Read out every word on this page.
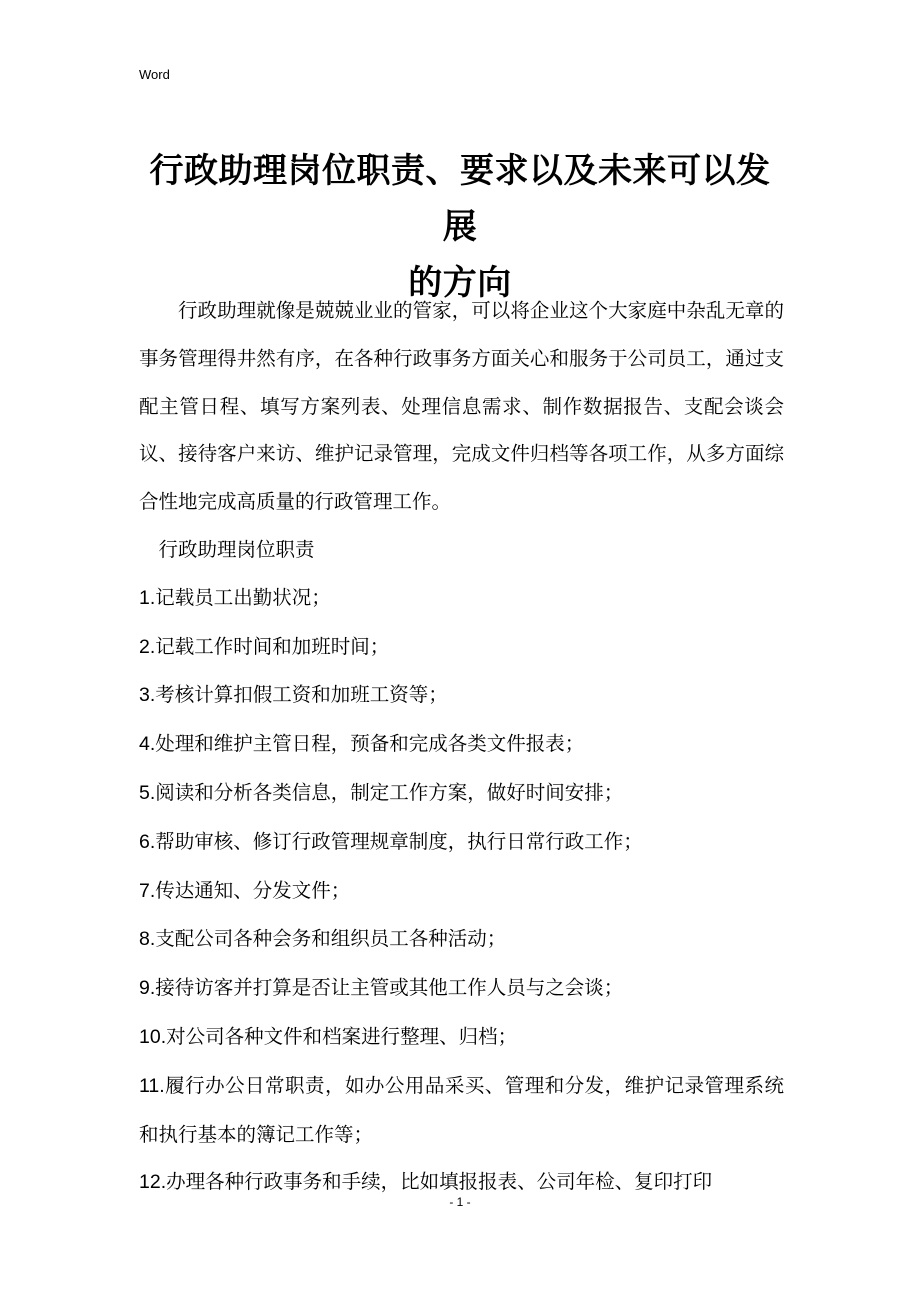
Word
行政助理岗位职责、要求以及未来可以发展
的方向

行政助理就像是兢兢业业的管家，可以将企业这个大家庭中杂乱无章的事务管理得井然有序，在各种行政事务方面关心和服务于公司员工，通过支配主管日程、填写方案列表、处理信息需求、制作数据报告、支配会谈会议、接待客户来访、维护记录管理，完成文件归档等各项工作，从多方面综合性地完成高质量的行政管理工作。

行政助理岗位职责

1.记载员工出勤状况；

2.记载工作时间和加班时间；

3.考核计算扣假工资和加班工资等；

4.处理和维护主管日程，预备和完成各类文件报表；

5.阅读和分析各类信息，制定工作方案，做好时间安排；

6.帮助审核、修订行政管理规章制度，执行日常行政工作；

7.传达通知、分发文件；

8.支配公司各种会务和组织员工各种活动；

9.接待访客并打算是否让主管或其他工作人员与之会谈；

10.对公司各种文件和档案进行整理、归档；

11.履行办公日常职责，如办公用品采买、管理和分发，维护记录管理系统和执行基本的簿记工作等；

12.办理各种行政事务和手续，比如填报报表、公司年检、复印打印

- 1 -
